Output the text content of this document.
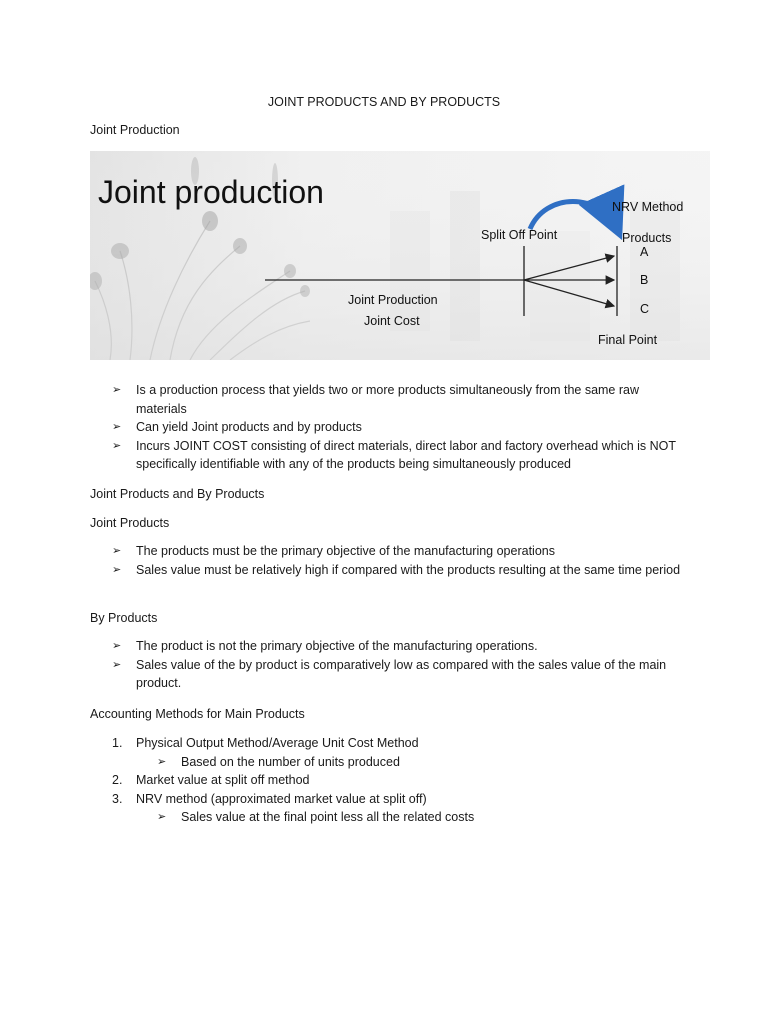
JOINT PRODUCTS AND BY PRODUCTS
Joint Production
Joint production	NRV Method
Split Off Point	Products
A
B
C
Joint Production
Joint Cost
Final Point
➢ Is a production process that yields two or more products simultaneously from the same raw materials
➢ Can yield Joint products and by products
➢ Incurs JOINT COST consisting of direct materials, direct labor and factory overhead which is NOT specifically identifiable with any of the products being simultaneously produced
Joint Products and By Products
Joint Products
➢ The products must be the primary objective of the manufacturing operations
➢ Sales value must be relatively high if compared with the products resulting at the same time period
By Products
➢ The product is not the primary objective of the manufacturing operations.
➢ Sales value of the by product is comparatively low as compared with the sales value of the main product.
Accounting Methods for Main Products
1. Physical Output Method/Average Unit Cost Method
➢	Based on the number of units produced
2. Market value at split off method
3. NRV method (approximated market value at split off)
➢	Sales value at the final point less all the related costs
